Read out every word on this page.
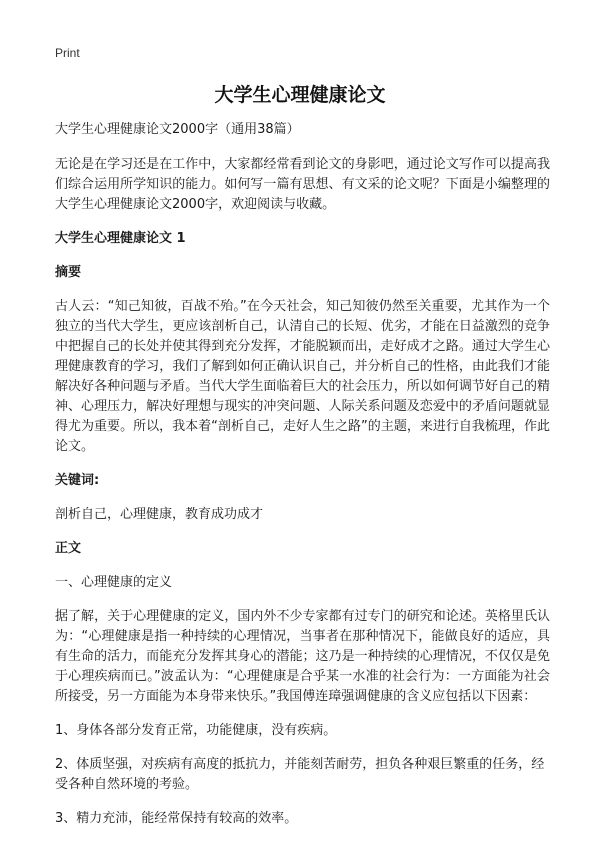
Print
大学生心理健康论文

大学生心理健康论文2000字（通用38篇）

无论是在学习还是在工作中，大家都经常看到论文的身影吧，通过论文写作可以提高我们综合运用所学知识的能力。如何写一篇有思想、有文采的论文呢？下面是小编整理的大学生心理健康论文2000字，欢迎阅读与收藏。

大学生心理健康论文 1

摘要

古人云：“知己知彼，百战不殆。”在今天社会，知己知彼仍然至关重要，尤其作为一个独立的当代大学生，更应该剖析自己，认清自己的长短、优劣，才能在日益激烈的竞争中把握自己的长处并使其得到充分发挥，才能脱颖而出，走好成才之路。通过大学生心理健康教育的学习，我们了解到如何正确认识自己，并分析自己的性格，由此我们才能解决好各种问题与矛盾。当代大学生面临着巨大的社会压力，所以如何调节好自己的精神、心理压力，解决好理想与现实的冲突问题、人际关系问题及恋爱中的矛盾问题就显得尤为重要。所以，我本着“剖析自己，走好人生之路”的主题，来进行自我梳理，作此论文。

关键词:

剖析自己，心理健康，教育成功成才

正文

一、心理健康的定义

据了解，关于心理健康的定义，国内外不少专家都有过专门的研究和论述。英格里氏认为：“心理健康是指一种持续的心理情况，当事者在那种情况下，能做良好的适应，具有生命的活力，而能充分发挥其身心的潜能；这乃是一种持续的心理情况，不仅仅是免于心理疾病而已。”波孟认为：“心理健康是合乎某一水准的社会行为：一方面能为社会所接受，另一方面能为本身带来快乐。”我国傅连璋强调健康的含义应包括以下因素：

1、身体各部分发育正常，功能健康，没有疾病。

2、体质坚强，对疾病有高度的抵抗力，并能刻苦耐劳，担负各种艰巨繁重的任务，经受各种自然环境的考验。

3、精力充沛，能经常保持有较高的效率。
